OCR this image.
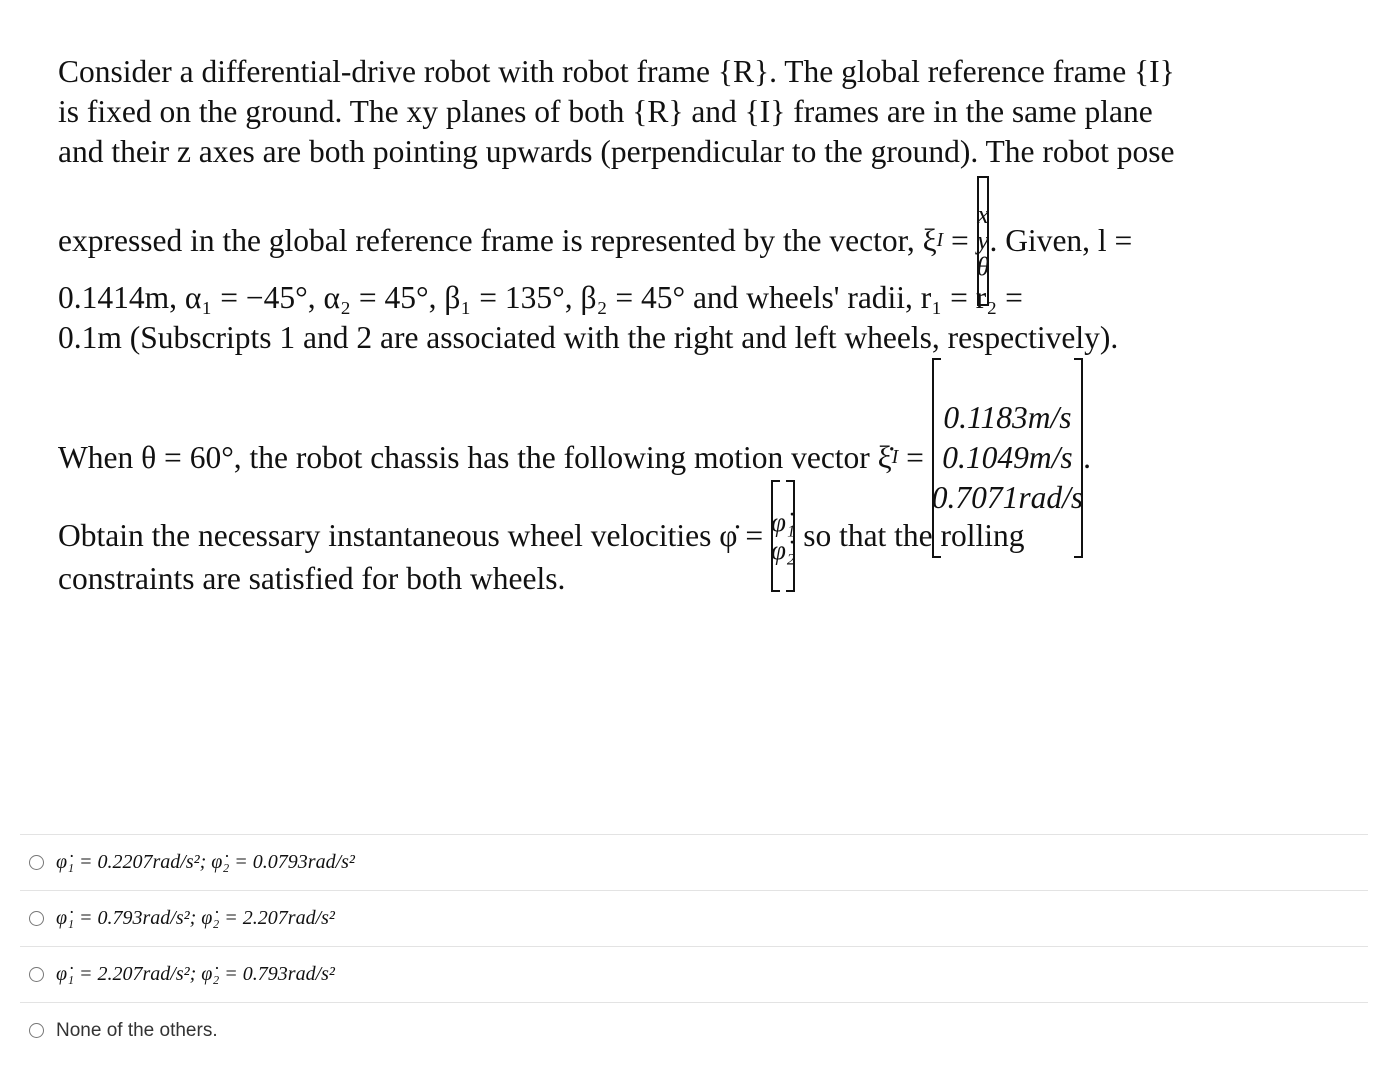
Consider a differential-drive robot with robot frame {R}. The global reference frame {I}
is fixed on the ground. The xy planes of both {R} and {I} frames are in the same plane
and their z axes are both pointing upwards (perpendicular to the ground). The robot pose
expressed in the global reference frame is represented by the vector, ξI =
x
y
θ
. Given, l =
0.1414m, α₁ = −45°, α₂ = 45°, β₁ = 135°, β₂ = 45° and wheels' radii, r₁ = r₂ =
0.1m (Subscripts 1 and 2 are associated with the right and left wheels, respectively).
When θ = 60°, the robot chassis has the following motion vector ξ̇I =
0.1183m/s
0.1049m/s
0.7071rad/s
.
Obtain the necessary instantaneous wheel velocities φ̇ = φ̇₁
φ̇₂ so that the rolling
constraints are satisfied for both wheels.
φ̇₁ = 0.2207rad/s²; φ̇₂ = 0.0793rad/s²
φ̇₁ = 0.793rad/s²; φ̇₂ = 2.207rad/s²
φ̇₁ = 2.207rad/s²; φ̇₂ = 0.793rad/s²
None of the others.
